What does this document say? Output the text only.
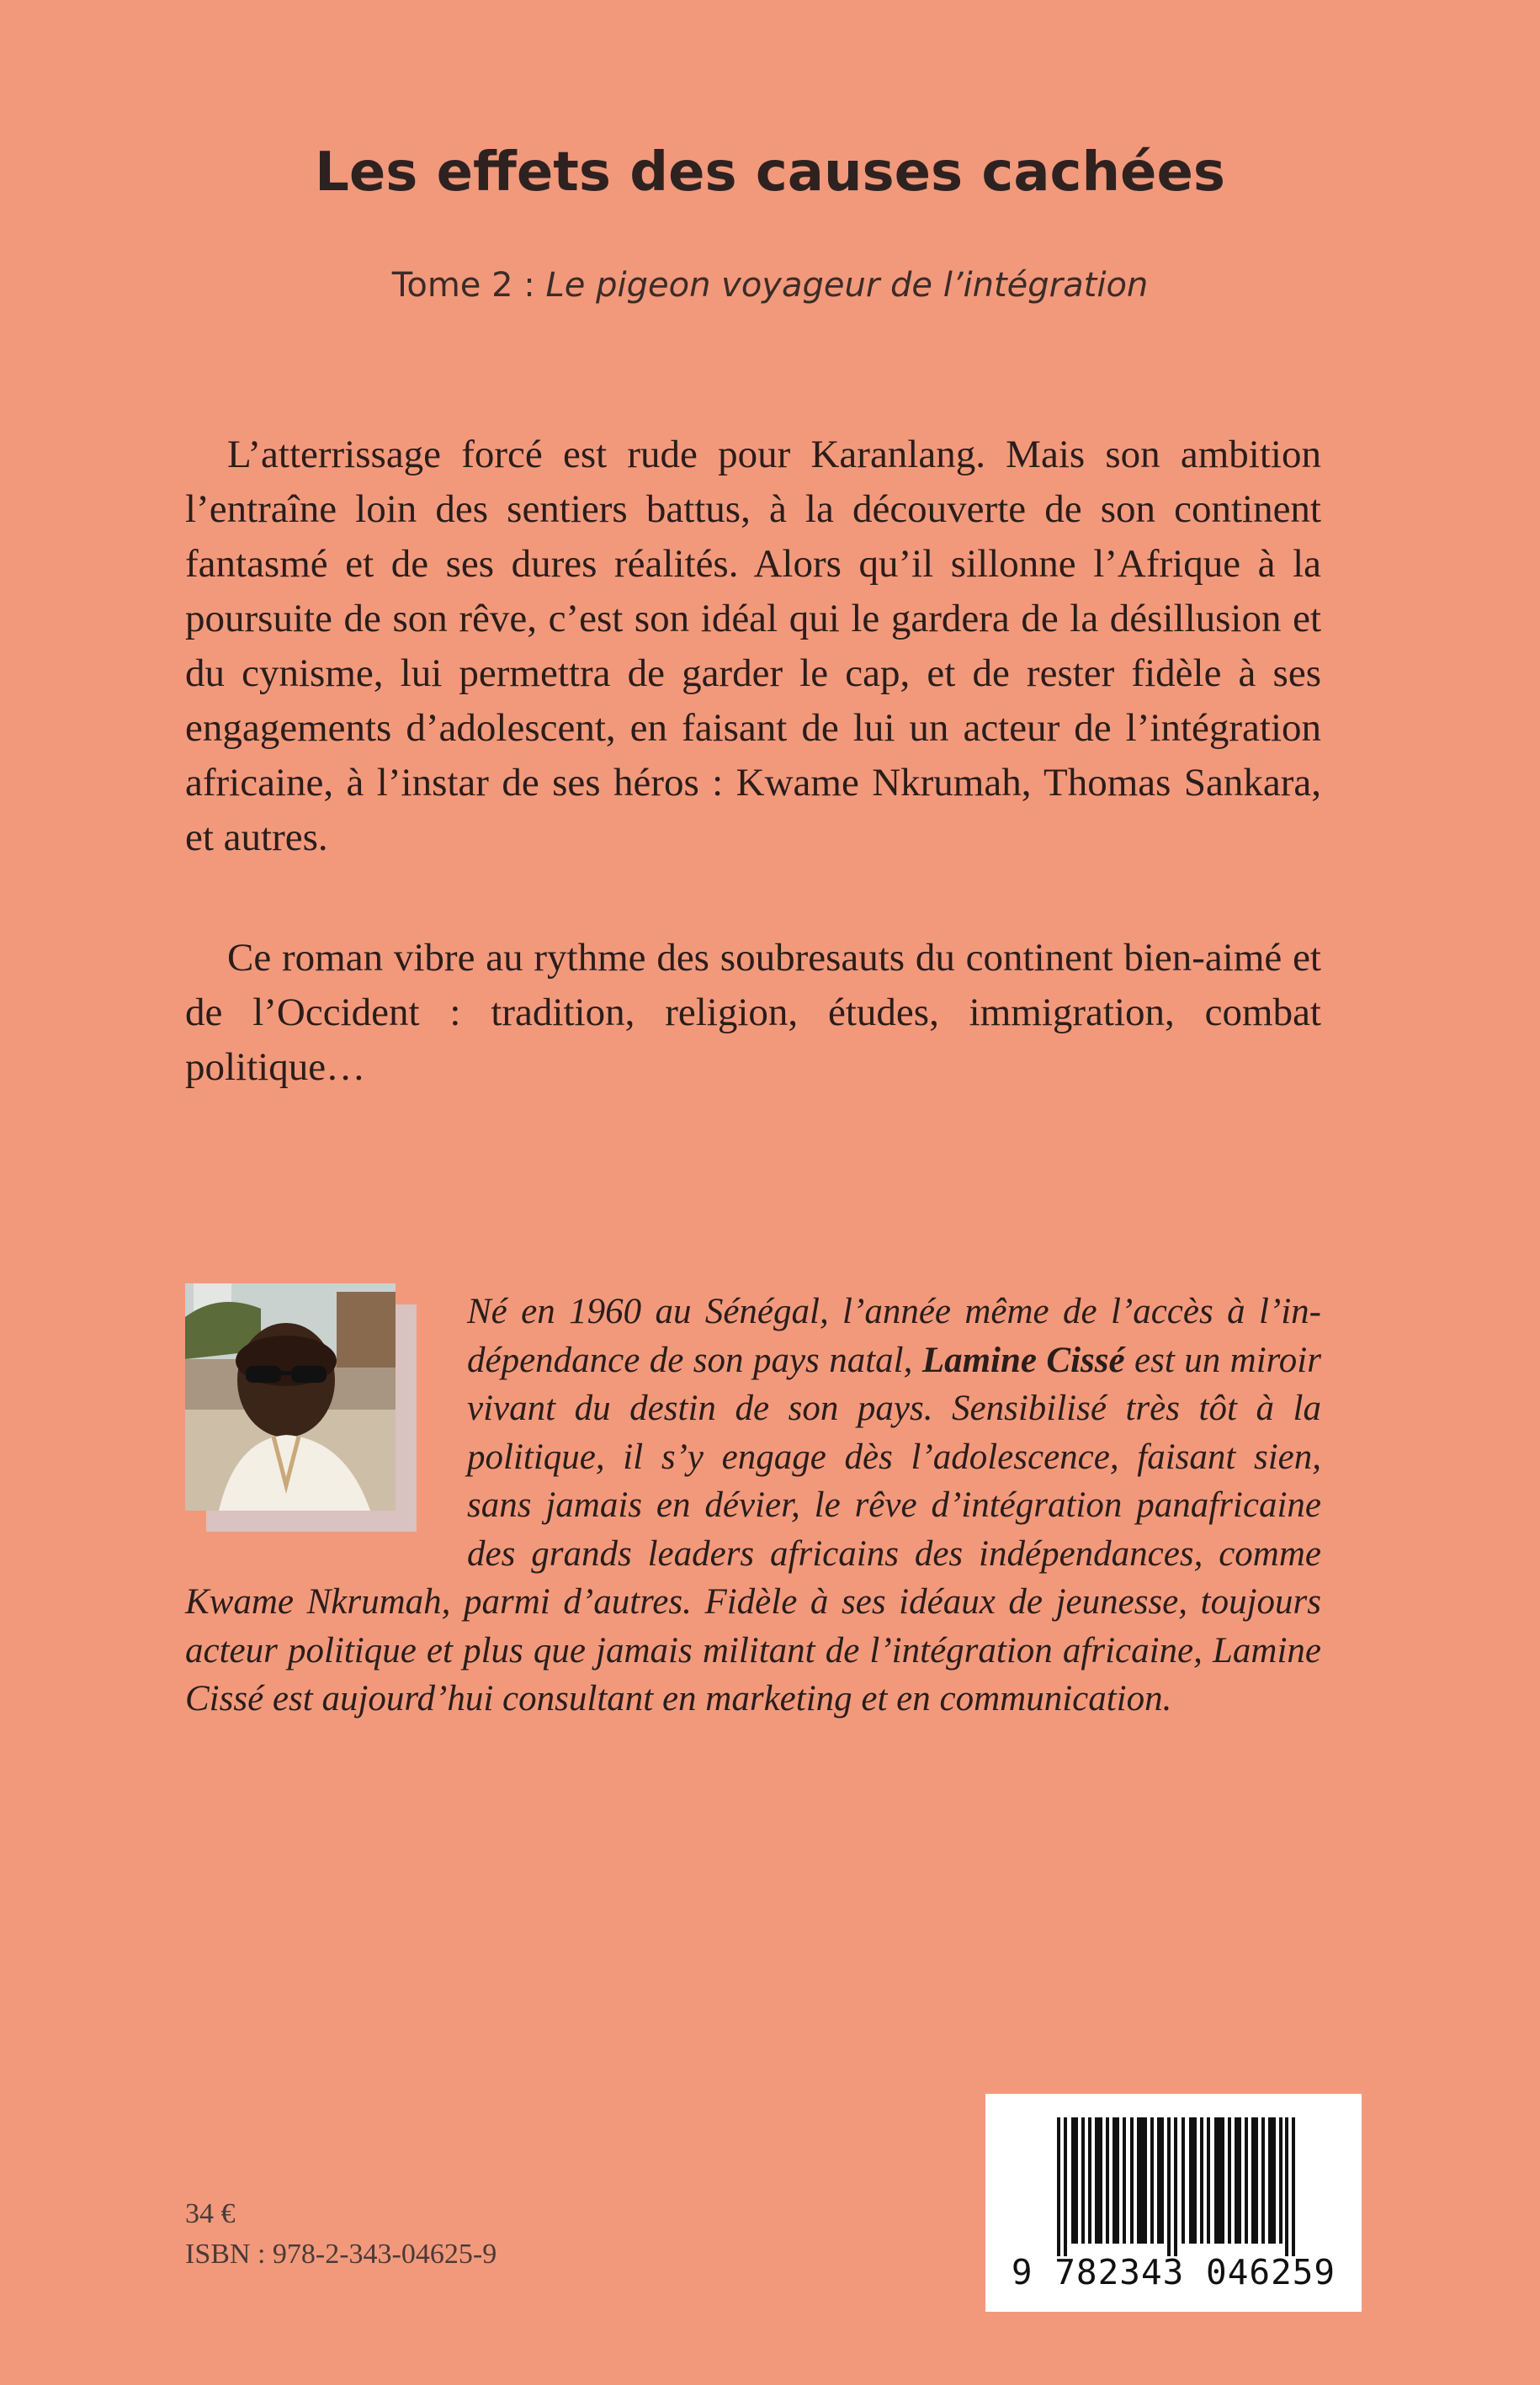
Les effets des causes cachées

Tome 2 : Le pigeon voyageur de l’intégration

L’atterrissage forcé est rude pour Karanlang. Mais son ambition l’entraîne loin des sentiers battus, à la découverte de son continent fantasmé et de ses dures réalités. Alors qu’il sillonne l’Afrique à la poursuite de son rêve, c’est son idéal qui le gardera de la désillusion et du cynisme, lui permettra de garder le cap, et de rester fidèle à ses engagements d’adolescent, en faisant de lui un acteur de l’intégration africaine, à l’instar de ses héros : Kwame Nkrumah, Thomas Sankara, et autres.

Ce roman vibre au rythme des soubresauts du continent bien-aimé et de l’Occident : tradition, religion, études, immigration, combat politique…

Né en 1960 au Sénégal, l’année même de l’accès à l’indépendance de son pays natal, Lamine Cissé est un miroir vivant du destin de son pays. Sensibilisé très tôt à la politique, il s’y engage dès l’adolescence, faisant sien, sans jamais en dévier, le rêve d’intégration panafricaine des grands leaders africains des indépendances, comme Kwame Nkrumah, parmi d’autres. Fidèle à ses idéaux de jeunesse, toujours acteur politique et plus que jamais militant de l’intégration africaine, Lamine Cissé est aujourd’hui consultant en marketing et en communication.

34 €

ISBN : 978-2-343-04625-9	9 782343 046259
